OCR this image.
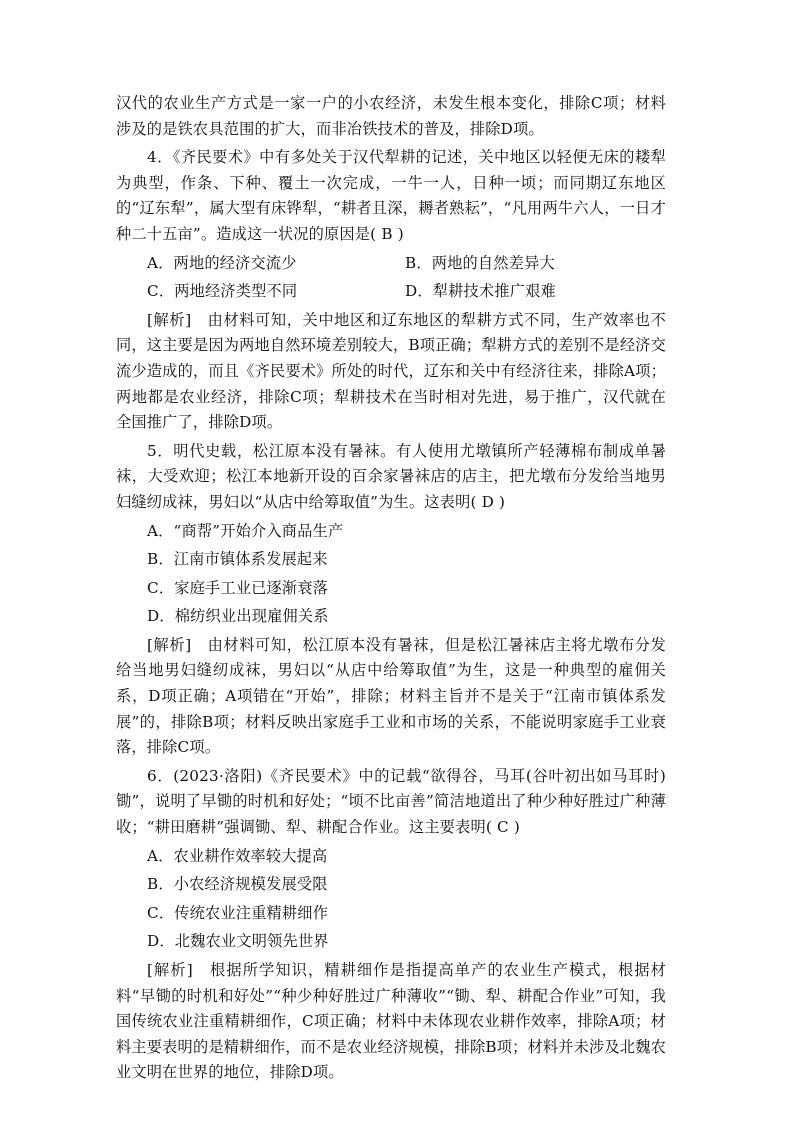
汉代的农业生产方式是一家一户的小农经济，未发生根本变化，排除C项；材料涉及的是铁农具范围的扩大，而非冶铁技术的普及，排除D项。

4．《齐民要术》中有多处关于汉代犁耕的记述，关中地区以轻便无床的耧犁为典型，作条、下种、覆土一次完成，一牛一人，日种一顷；而同期辽东地区的“辽东犁”，属大型有床铧犁，“耕者且深，耨者熟耘”，“凡用两牛六人，一日才种二十五亩”。造成这一状况的原因是( B )

A．两地的经济交流少	B．两地的自然差异大
C．两地经济类型不同	D．犁耕技术推广艰难

[解析]　由材料可知，关中地区和辽东地区的犁耕方式不同，生产效率也不同，这主要是因为两地自然环境差别较大，B项正确；犁耕方式的差别不是经济交流少造成的，而且《齐民要术》所处的时代，辽东和关中有经济往来，排除A项；两地都是农业经济，排除C项；犁耕技术在当时相对先进，易于推广，汉代就在全国推广了，排除D项。

5．明代史载，松江原本没有暑袜。有人使用尤墩镇所产轻薄棉布制成单暑袜，大受欢迎；松江本地新开设的百余家暑袜店的店主，把尤墩布分发给当地男妇缝纫成袜，男妇以“从店中给筹取值”为生。这表明( D )

A．“商帮”开始介入商品生产

B．江南市镇体系发展起来

C．家庭手工业已逐渐衰落

D．棉纺织业出现雇佣关系

[解析]　由材料可知，松江原本没有暑袜，但是松江暑袜店主将尤墩布分发给当地男妇缝纫成袜，男妇以“从店中给筹取值”为生，这是一种典型的雇佣关系，D项正确；A项错在“开始”，排除；材料主旨并不是关于“江南市镇体系发展”的，排除B项；材料反映出家庭手工业和市场的关系，不能说明家庭手工业衰落，排除C项。

6．(2023·洛阳)《齐民要术》中的记载“欲得谷，马耳(谷叶初出如马耳时)锄”，说明了早锄的时机和好处；“顷不比亩善”简洁地道出了种少种好胜过广种薄收；“耕田磨耕”强调锄、犁、耕配合作业。这主要表明( C )

A．农业耕作效率较大提高

B．小农经济规模发展受限

C．传统农业注重精耕细作

D．北魏农业文明领先世界

[解析]　根据所学知识，精耕细作是指提高单产的农业生产模式，根据材料“早锄的时机和好处”“种少种好胜过广种薄收”“锄、犁、耕配合作业”可知，我国传统农业注重精耕细作，C项正确；材料中未体现农业耕作效率，排除A项；材料主要表明的是精耕细作，而不是农业经济规模，排除B项；材料并未涉及北魏农业文明在世界的地位，排除D项。
